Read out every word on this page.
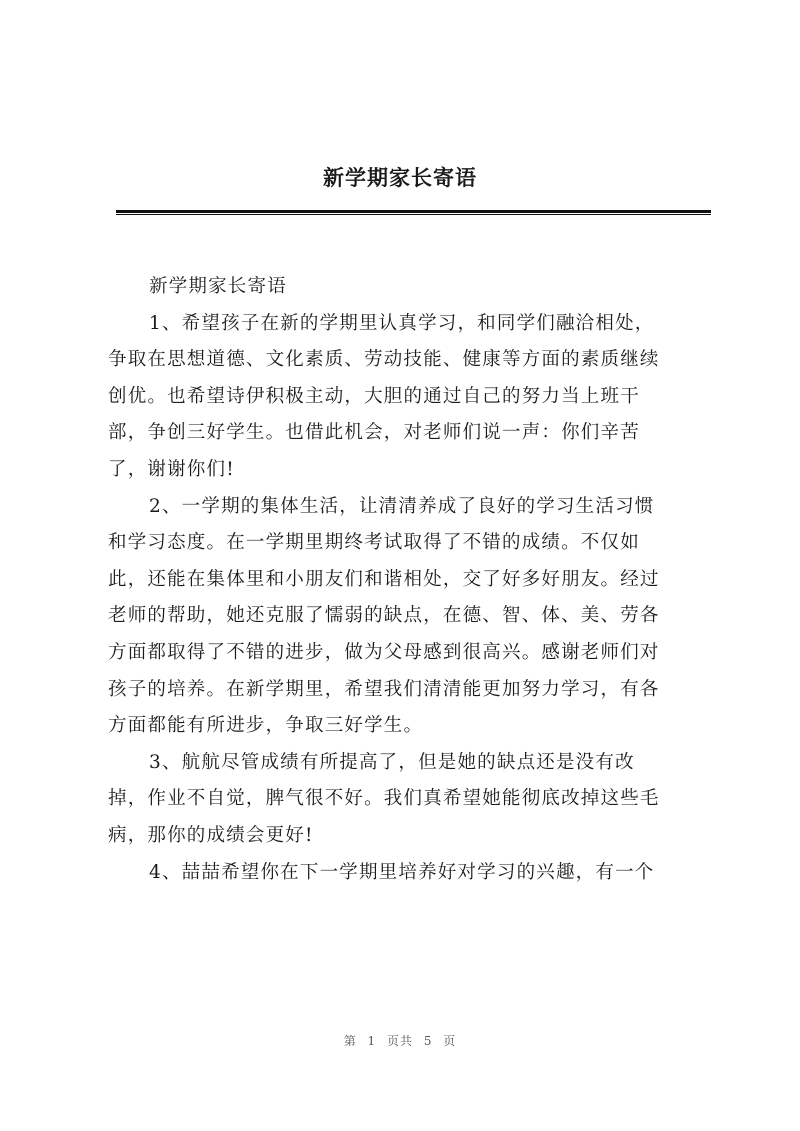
新学期家长寄语

新学期家长寄语

1、希望孩子在新的学期里认真学习，和同学们融洽相处，
争取在思想道德、文化素质、劳动技能、健康等方面的素质继续
创优。也希望诗伊积极主动，大胆的通过自己的努力当上班干
部，争创三好学生。也借此机会，对老师们说一声：你们辛苦
了，谢谢你们!

2、一学期的集体生活，让清清养成了良好的学习生活习惯
和学习态度。在一学期里期终考试取得了不错的成绩。不仅如
此，还能在集体里和小朋友们和谐相处，交了好多好朋友。经过
老师的帮助，她还克服了懦弱的缺点，在德、智、体、美、劳各
方面都取得了不错的进步，做为父母感到很高兴。感谢老师们对
孩子的培养。在新学期里，希望我们清清能更加努力学习，有各
方面都能有所进步，争取三好学生。

3、航航尽管成绩有所提高了，但是她的缺点还是没有改
掉，作业不自觉，脾气很不好。我们真希望她能彻底改掉这些毛
病，那你的成绩会更好!

4、喆喆希望你在下一学期里培养好对学习的兴趣，有一个

第 1 页共 5 页
